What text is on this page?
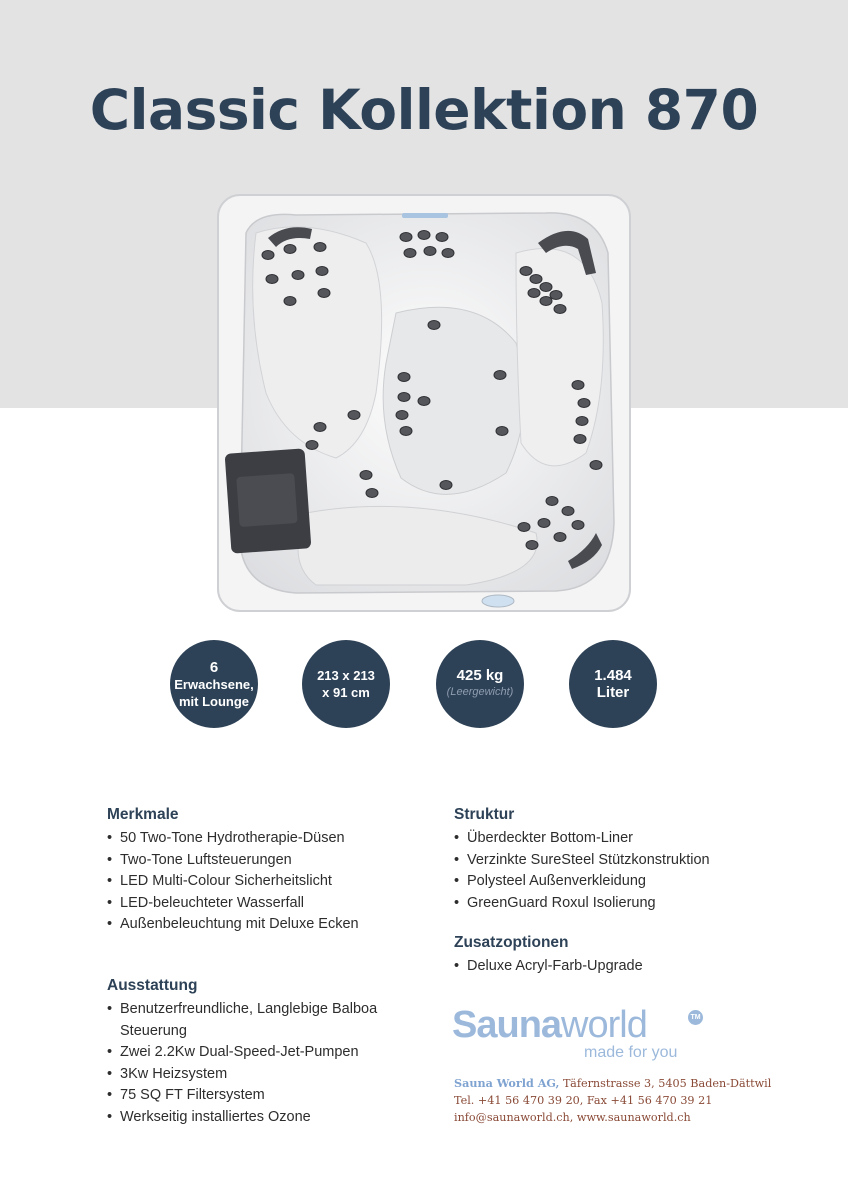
Classic Kollektion 870
6
Erwachsene,
mit Lounge
213 x 213
x 91 cm
425 kg
(Leergewicht)
1.484
Liter
Merkmale
• 50 Two-Tone Hydrotherapie-Düsen
• Two-Tone Luftsteuerungen
• LED Multi-Colour Sicherheitslicht
• LED-beleuchteter Wasserfall
• Außenbeleuchtung mit Deluxe Ecken
Ausstattung
• Benutzerfreundliche, Langlebige Balboa Steuerung
• Zwei 2.2Kw Dual-Speed-Jet-Pumpen
• 3Kw Heizsystem
• 75 SQ FT Filtersystem
• Werkseitig installiertes Ozone
Struktur
• Überdeckter Bottom-Liner
• Verzinkte SureSteel Stützkonstruktion
• Polysteel Außenverkleidung
• GreenGuard Roxul Isolierung
Zusatzoptionen
• Deluxe Acryl-Farb-Upgrade
Saunaworld	TM
made for you
Sauna World AG, Täfernstrasse 3, 5405 Baden-Dättwil
Tel. +41 56 470 39 20, Fax +41 56 470 39 21
info@saunaworld.ch, www.saunaworld.ch
